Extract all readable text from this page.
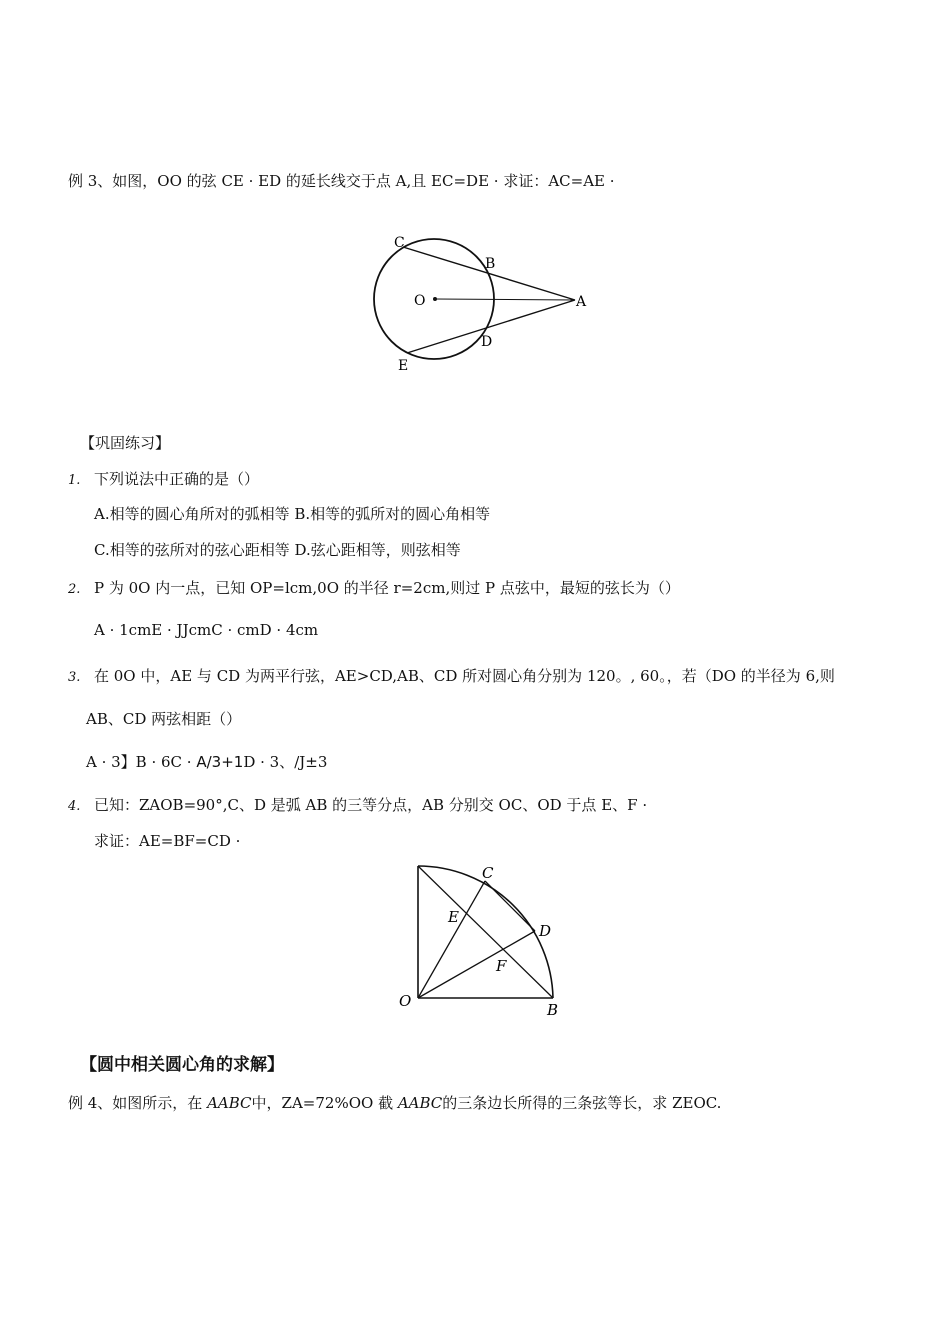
例 3、如图，OO 的弦 CE · ED 的延长线交于点 A,且 EC=DE · 求证：AC=AE ·
C
B
O	A
D
E
【巩固练习】
1. 下列说法中正确的是（）
A.相等的圆心角所对的弧相等 B.相等的弧所对的圆心角相等
C.相等的弦所对的弦心距相等 D.弦心距相等，则弦相等
2. P 为 0O 内一点，已知 OP=lcm,0O 的半径 r=2cm,则过 P 点弦中，最短的弦长为（）
A · 1cmE · JJcmC · cmD · 4cm
3. 在 0O 中，AE 与 CD 为两平行弦，AE>CD,AB、CD 所对圆心角分别为 120。, 60。，若（DO 的半径为 6,则
AB、CD 两弦相距（）
A · 3】B · 6C · A/3+1D · 3、/J±3
4. 已知：ZAOB=90°,C、D 是弧 AB 的三等分点，AB 分别交 OC、OD 于点 E、F ·
求证：AE=BF=CD ·
C
E
D
F
O	B
【圆中相关圆心角的求解】
例 4、如图所示，在 AABC中，ZA=72%OO 截 AABC的三条边长所得的三条弦等长，求 ZEOC.
